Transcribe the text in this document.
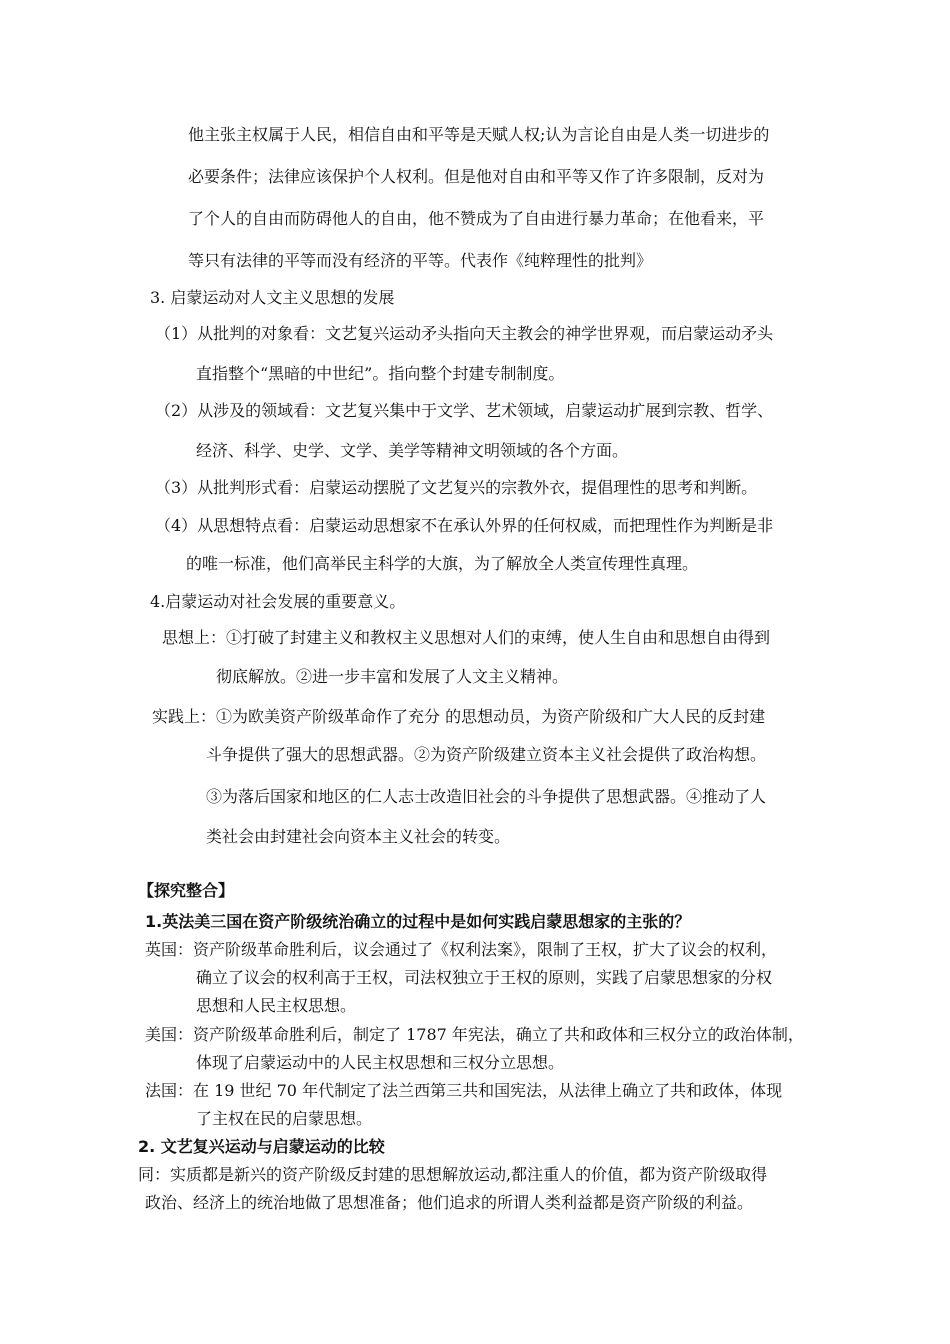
他主张主权属于人民，相信自由和平等是天赋人权;认为言论自由是人类一切进步的
必要条件；法律应该保护个人权利。但是他对自由和平等又作了许多限制，反对为
了个人的自由而防碍他人的自由，他不赞成为了自由进行暴力革命；在他看来，平
等只有法律的平等而没有经济的平等。代表作《纯粹理性的批判》
3. 启蒙运动对人文主义思想的发展
（1）从批判的对象看：文艺复兴运动矛头指向天主教会的神学世界观，而启蒙运动矛头
直指整个“黑暗的中世纪”。指向整个封建专制制度。
（2）从涉及的领域看：文艺复兴集中于文学、艺术领域，启蒙运动扩展到宗教、哲学、
经济、科学、史学、文学、美学等精神文明领域的各个方面。
（3）从批判形式看：启蒙运动摆脱了文艺复兴的宗教外衣，提倡理性的思考和判断。
（4）从思想特点看：启蒙运动思想家不在承认外界的任何权威，而把理性作为判断是非
的唯一标准，他们高举民主科学的大旗，为了解放全人类宣传理性真理。
4.启蒙运动对社会发展的重要意义。
思想上：①打破了封建主义和教权主义思想对人们的束缚，使人生自由和思想自由得到
彻底解放。②进一步丰富和发展了人文主义精神。
实践上：①为欧美资产阶级革命作了充分 的思想动员，为资产阶级和广大人民的反封建
斗争提供了强大的思想武器。②为资产阶级建立资本主义社会提供了政治构想。
③为落后国家和地区的仁人志士改造旧社会的斗争提供了思想武器。④推动了人
类社会由封建社会向资本主义社会的转变。
【探究整合】
1.英法美三国在资产阶级统治确立的过程中是如何实践启蒙思想家的主张的？
英国：资产阶级革命胜利后，议会通过了《权利法案》，限制了王权，扩大了议会的权利，
确立了议会的权利高于王权，司法权独立于王权的原则，实践了启蒙思想家的分权
思想和人民主权思想。
美国：资产阶级革命胜利后，制定了 1787 年宪法，确立了共和政体和三权分立的政治体制，
体现了启蒙运动中的人民主权思想和三权分立思想。
法国：在 19 世纪 70 年代制定了法兰西第三共和国宪法，从法律上确立了共和政体，体现
了主权在民的启蒙思想。
2. 文艺复兴运动与启蒙运动的比较
同：实质都是新兴的资产阶级反封建的思想解放运动,都注重人的价值，都为资产阶级取得
政治、经济上的统治地做了思想准备；他们追求的所谓人类利益都是资产阶级的利益。
